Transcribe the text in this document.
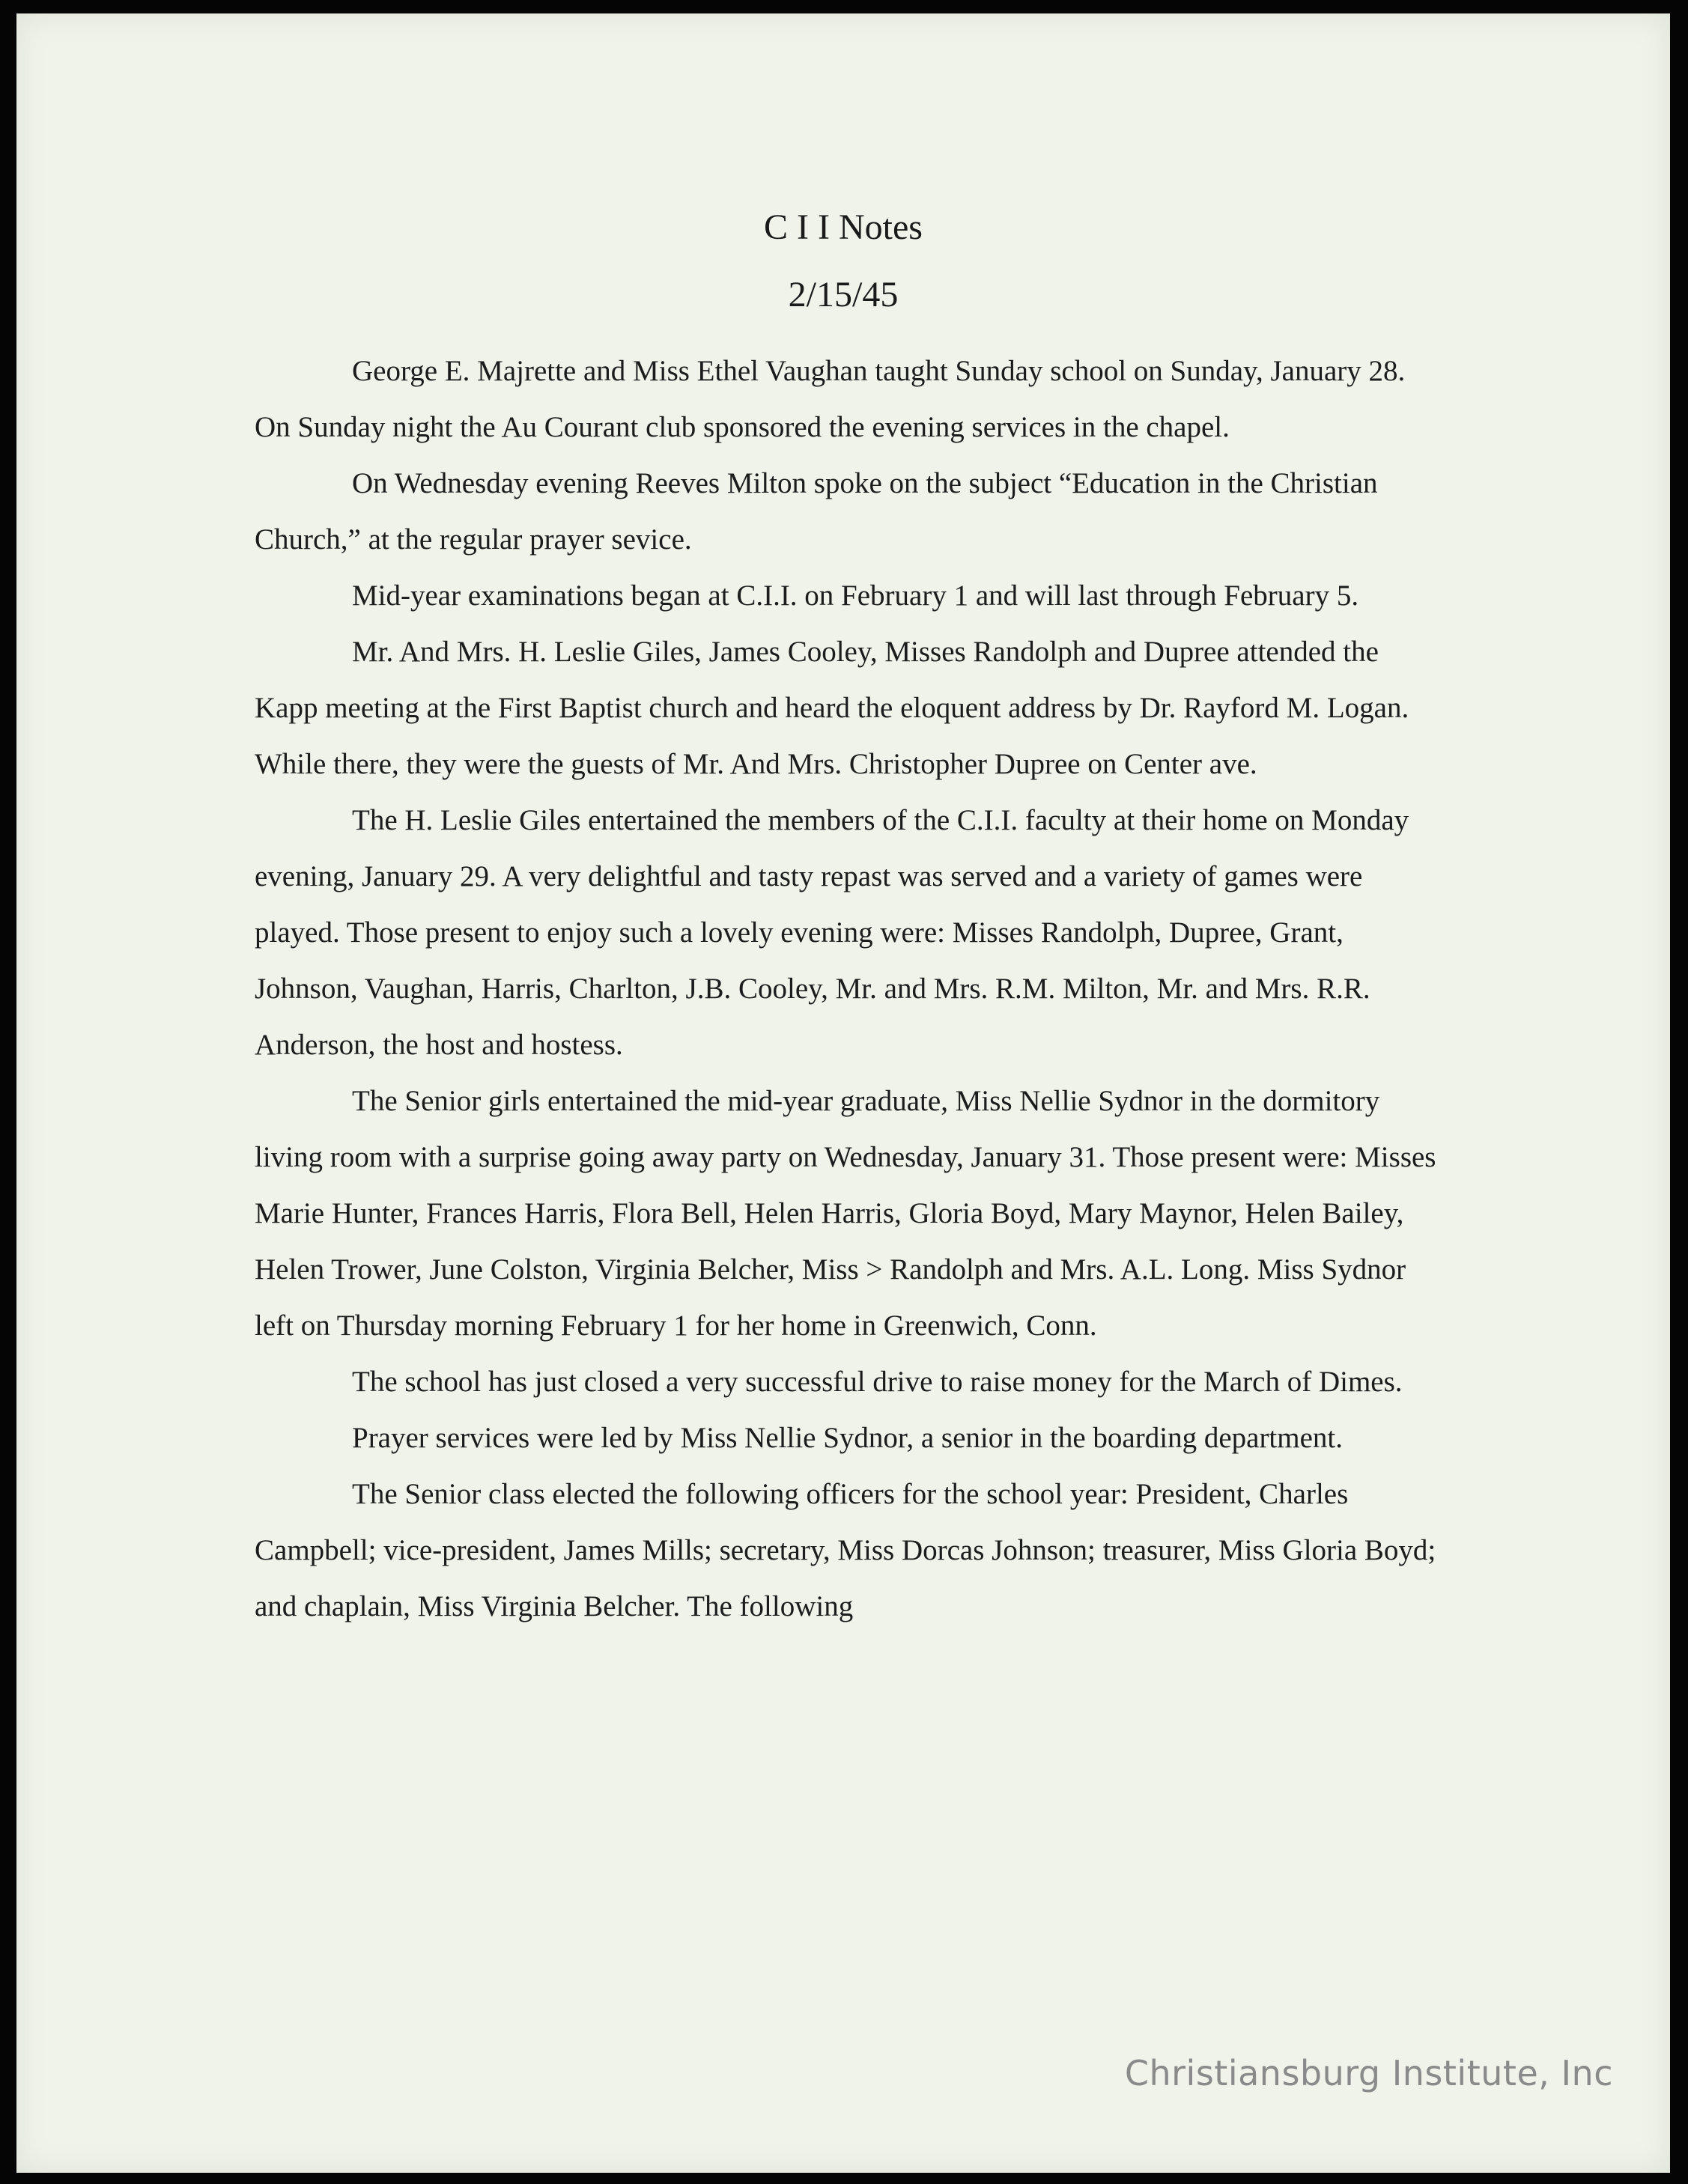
C I I Notes
2/15/45

George E. Majrette and Miss Ethel Vaughan taught Sunday school on Sunday, January 28. On Sunday night the Au Courant club sponsored the evening services in the chapel.

On Wednesday evening Reeves Milton spoke on the subject “Education in the Christian Church,” at the regular prayer sevice.

Mid-year examinations began at C.I.I. on February 1 and will last through February 5.

Mr. And Mrs. H. Leslie Giles, James Cooley, Misses Randolph and Dupree attended the Kapp meeting at the First Baptist church and heard the eloquent address by Dr. Rayford M. Logan. While there, they were the guests of Mr. And Mrs. Christopher Dupree on Center ave.

The H. Leslie Giles entertained the members of the C.I.I. faculty at their home on Monday evening, January 29. A very delightful and tasty repast was served and a variety of games were played. Those present to enjoy such a lovely evening were: Misses Randolph, Dupree, Grant, Johnson, Vaughan, Harris, Charlton, J.B. Cooley, Mr. and Mrs. R.M. Milton, Mr. and Mrs. R.R. Anderson, the host and hostess.

The Senior girls entertained the mid-year graduate, Miss Nellie Sydnor in the dormitory living room with a surprise going away party on Wednesday, January 31. Those present were: Misses Marie Hunter, Frances Harris, Flora Bell, Helen Harris, Gloria Boyd, Mary Maynor, Helen Bailey, Helen Trower, June Colston, Virginia Belcher, Miss > Randolph and Mrs. A.L. Long. Miss Sydnor left on Thursday morning February 1 for her home in Greenwich, Conn.

The school has just closed a very successful drive to raise money for the March of Dimes.

Prayer services were led by Miss Nellie Sydnor, a senior in the boarding department.

The Senior class elected the following officers for the school year: President, Charles Campbell; vice-president, James Mills; secretary, Miss Dorcas Johnson; treasurer, Miss Gloria Boyd; and chaplain, Miss Virginia Belcher. The following

Christiansburg Institute, Inc
